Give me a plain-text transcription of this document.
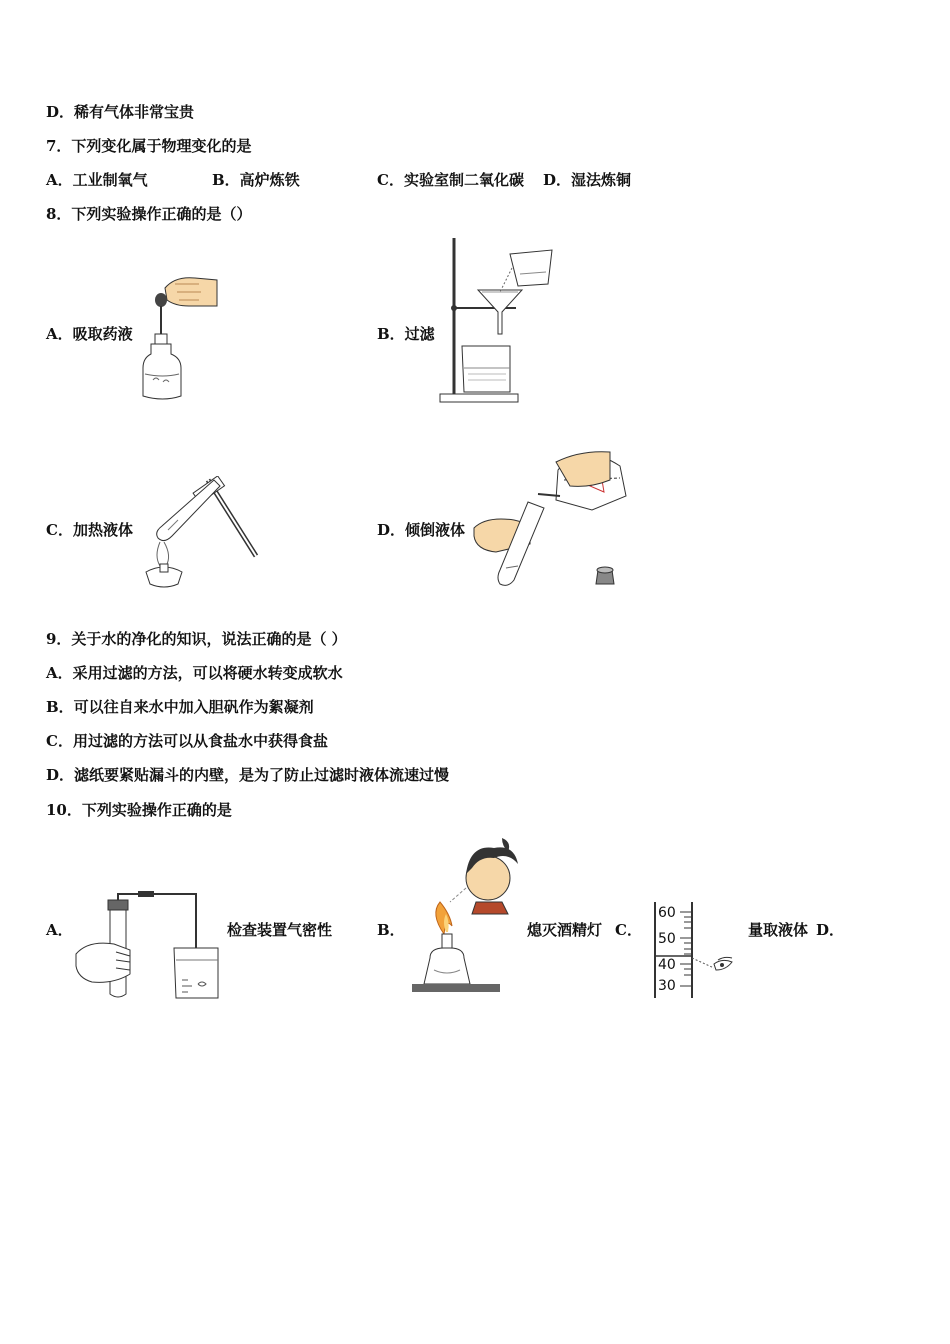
D．稀有气体非常宝贵
7．下列变化属于物理变化的是
A．工业制氧气	B．高炉炼铁	C．实验室制二氧化碳 D．湿法炼铜
8．下列实验操作正确的是（）
A．吸取药液	B．过滤
C．加热液体	D．倾倒液体
9．关于水的净化的知识，说法正确的是（ ）
A．采用过滤的方法，可以将硬水转变成软水
B．可以往自来水中加入胆矾作为絮凝剂
C．用过滤的方法可以从食盐水中获得食盐
D．滤纸要紧贴漏斗的内壁，是为了防止过滤时液体流速过慢
10．下列实验操作正确的是
A．	检查装置气密性	B．	熄灭酒精灯 C．	量取液体 D．
60
50
40
30
